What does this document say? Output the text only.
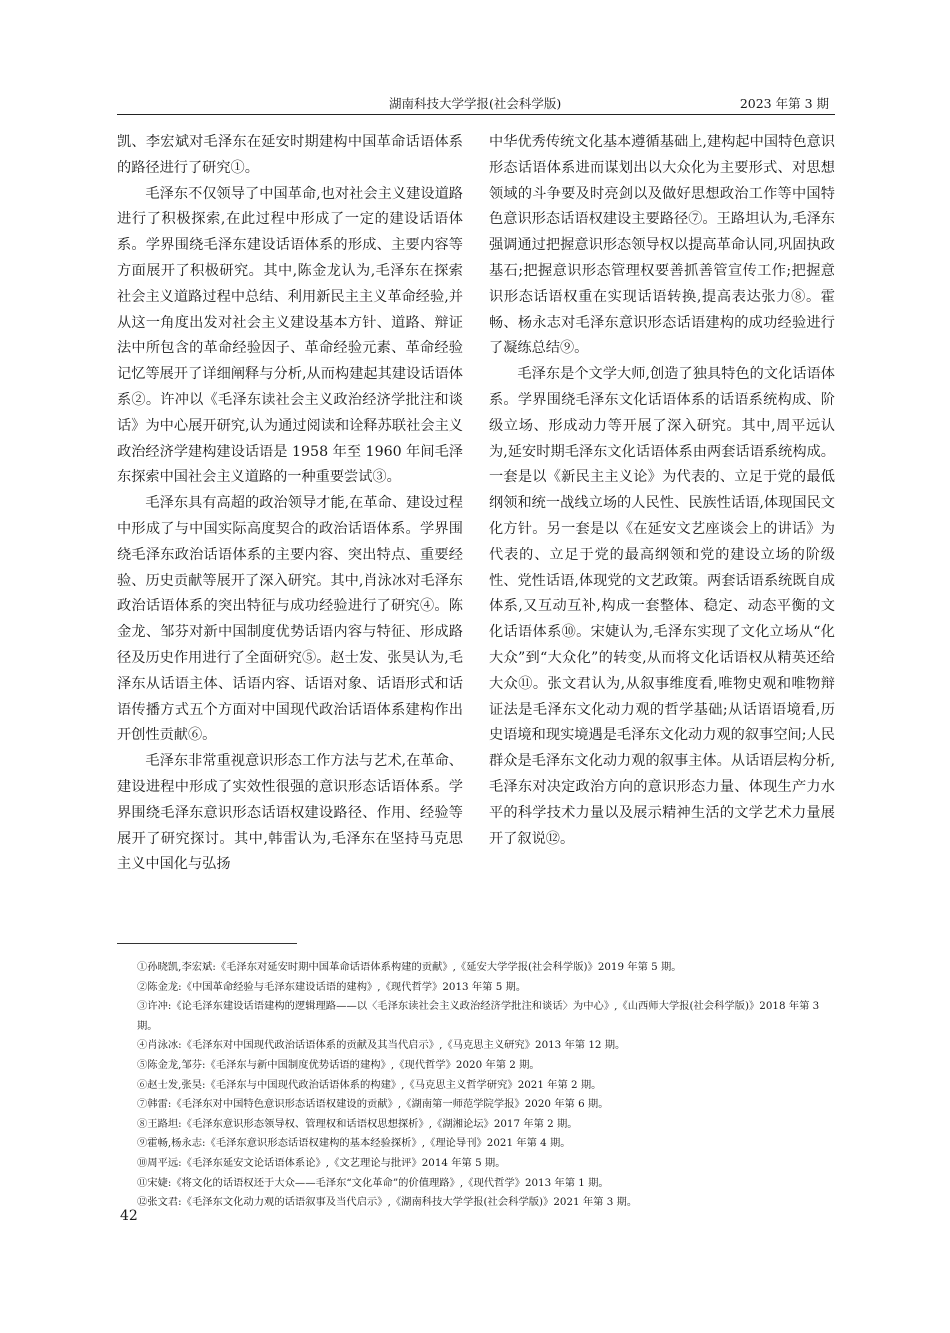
湖南科技大学学报(社会科学版)	2023 年第 3 期

凯、李宏斌对毛泽东在延安时期建构中国革命话语体系的路径进行了研究①。

毛泽东不仅领导了中国革命,也对社会主义建设道路进行了积极探索,在此过程中形成了一定的建设话语体系。学界围绕毛泽东建设话语体系的形成、主要内容等方面展开了积极研究。其中,陈金龙认为,毛泽东在探索社会主义道路过程中总结、利用新民主主义革命经验,并从这一角度出发对社会主义建设基本方针、道路、辩证法中所包含的革命经验因子、革命经验元素、革命经验记忆等展开了详细阐释与分析,从而构建起其建设话语体系②。许冲以《毛泽东读社会主义政治经济学批注和谈话》为中心展开研究,认为通过阅读和诠释苏联社会主义政治经济学建构建设话语是 1958 年至 1960 年间毛泽东探索中国社会主义道路的一种重要尝试③。

毛泽东具有高超的政治领导才能,在革命、建设过程中形成了与中国实际高度契合的政治话语体系。学界围绕毛泽东政治话语体系的主要内容、突出特点、重要经验、历史贡献等展开了深入研究。其中,肖泳冰对毛泽东政治话语体系的突出特征与成功经验进行了研究④。陈金龙、邹芬对新中国制度优势话语内容与特征、形成路径及历史作用进行了全面研究⑤。赵士发、张昊认为,毛泽东从话语主体、话语内容、话语对象、话语形式和话语传播方式五个方面对中国现代政治话语体系建构作出开创性贡献⑥。

毛泽东非常重视意识形态工作方法与艺术,在革命、建设进程中形成了实效性很强的意识形态话语体系。学界围绕毛泽东意识形态话语权建设路径、作用、经验等展开了研究探讨。其中,韩雷认为,毛泽东在坚持马克思主义中国化与弘扬

中华优秀传统文化基本遵循基础上,建构起中国特色意识形态话语体系进而谋划出以大众化为主要形式、对思想领域的斗争要及时亮剑以及做好思想政治工作等中国特色意识形态话语权建设主要路径⑦。王路坦认为,毛泽东强调通过把握意识形态领导权以提高革命认同,巩固执政基石;把握意识形态管理权要善抓善管宣传工作;把握意识形态话语权重在实现话语转换,提高表达张力⑧。霍畅、杨永志对毛泽东意识形态话语建构的成功经验进行了凝练总结⑨。

毛泽东是个文学大师,创造了独具特色的文化话语体系。学界围绕毛泽东文化话语体系的话语系统构成、阶级立场、形成动力等开展了深入研究。其中,周平远认为,延安时期毛泽东文化话语体系由两套话语系统构成。一套是以《新民主主义论》为代表的、立足于党的最低纲领和统一战线立场的人民性、民族性话语,体现国民文化方针。另一套是以《在延安文艺座谈会上的讲话》为代表的、立足于党的最高纲领和党的建设立场的阶级性、党性话语,体现党的文艺政策。两套话语系统既自成体系,又互动互补,构成一套整体、稳定、动态平衡的文化话语体系⑩。宋婕认为,毛泽东实现了文化立场从“化大众”到“大众化”的转变,从而将文化话语权从精英还给大众⑪。张文君认为,从叙事维度看,唯物史观和唯物辩证法是毛泽东文化动力观的哲学基础;从话语语境看,历史语境和现实境遇是毛泽东文化动力观的叙事空间;人民群众是毛泽东文化动力观的叙事主体。从话语层构分析,毛泽东对决定政治方向的意识形态力量、体现生产力水平的科学技术力量以及展示精神生活的文学艺术力量展开了叙说⑫。

①孙晓凯,李宏斌:《毛泽东对延安时期中国革命话语体系构建的贡献》,《延安大学学报(社会科学版)》2019 年第 5 期。
②陈金龙:《中国革命经验与毛泽东建设话语的建构》,《现代哲学》2013 年第 5 期。
③许冲:《论毛泽东建设话语建构的逻辑理路——以〈毛泽东读社会主义政治经济学批注和谈话〉为中心》,《山西师大学报(社会科学版)》2018 年第 3 期。
④肖泳冰:《毛泽东对中国现代政治话语体系的贡献及其当代启示》,《马克思主义研究》2013 年第 12 期。
⑤陈金龙,邹芬:《毛泽东与新中国制度优势话语的建构》,《现代哲学》2020 年第 2 期。
⑥赵士发,张昊:《毛泽东与中国现代政治话语体系的构建》,《马克思主义哲学研究》2021 年第 2 期。
⑦韩雷:《毛泽东对中国特色意识形态话语权建设的贡献》,《湖南第一师范学院学报》2020 年第 6 期。
⑧王路坦:《毛泽东意识形态领导权、管理权和话语权思想探析》,《湖湘论坛》2017 年第 2 期。
⑨霍畅,杨永志:《毛泽东意识形态话语权建构的基本经验探析》,《理论导刊》2021 年第 4 期。
⑩周平远:《毛泽东延安文论话语体系论》,《文艺理论与批评》2014 年第 5 期。
⑪宋婕:《将文化的话语权还于大众——毛泽东“文化革命”的价值理路》,《现代哲学》2013 年第 1 期。
⑫张文君:《毛泽东文化动力观的话语叙事及当代启示》,《湖南科技大学学报(社会科学版)》2021 年第 3 期。
42
